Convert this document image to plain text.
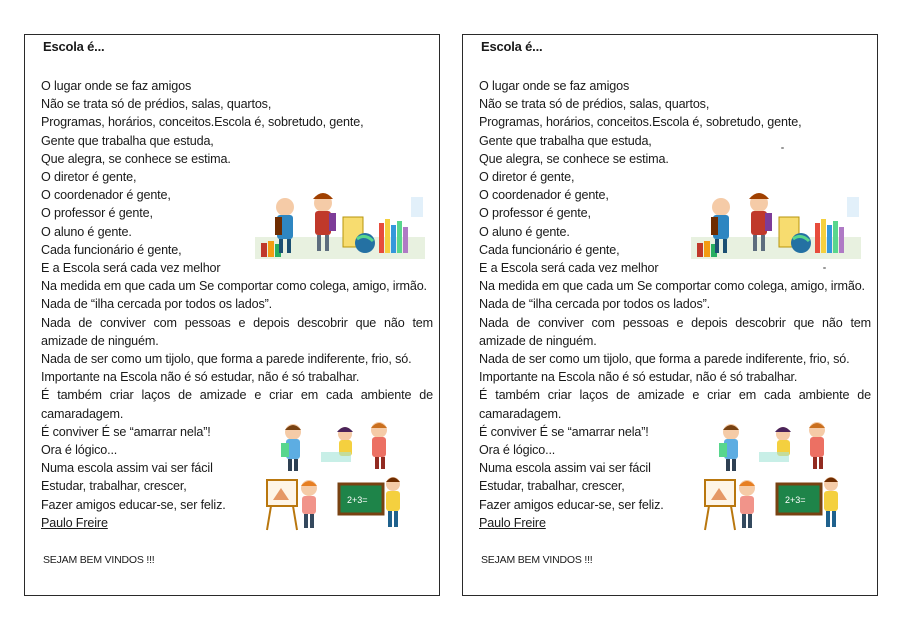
Escola é...
O lugar onde se faz amigos
Não se trata só de prédios, salas, quartos,
Programas, horários, conceitos.Escola é, sobretudo, gente,
Gente que trabalha que estuda,
Que alegra, se conhece se estima.
O diretor é gente,
O coordenador é gente,
O professor é gente,
O aluno é gente.
Cada funcionário é gente,
E a Escola será cada vez melhor
Na medida em que cada um Se comportar como colega, amigo, irmão.
Nada de “ilha cercada por todos os lados”.
Nada de conviver com pessoas e depois descobrir que não tem
amizade de ninguém.
Nada de ser como um tijolo, que forma a parede indiferente, frio, só.
Importante na Escola não é só estudar, não é só trabalhar.
É também criar laços de amizade e criar em cada ambiente de
camaradagem.
É conviver É se “amarrar nela”!
Ora é lógico...
Numa escola assim vai ser fácil
Estudar, trabalhar, crescer,
Fazer amigos educar-se, ser feliz.
Paulo Freire
SEJAM BEM VINDOS !!!
2+3=
Escola é...
O lugar onde se faz amigos
Não se trata só de prédios, salas, quartos,
Programas, horários, conceitos.Escola é, sobretudo, gente,
Gente que trabalha que estuda,
Que alegra, se conhece se estima.
O diretor é gente,
O coordenador é gente,
O professor é gente,
O aluno é gente.
Cada funcionário é gente,
E a Escola será cada vez melhor
Na medida em que cada um Se comportar como colega, amigo, irmão.
Nada de “ilha cercada por todos os lados”.
Nada de conviver com pessoas e depois descobrir que não tem
amizade de ninguém.
Nada de ser como um tijolo, que forma a parede indiferente, frio, só.
Importante na Escola não é só estudar, não é só trabalhar.
É também criar laços de amizade e criar em cada ambiente de
camaradagem.
É conviver É se “amarrar nela”!
Ora é lógico...
Numa escola assim vai ser fácil
Estudar, trabalhar, crescer,
Fazer amigos educar-se, ser feliz.
Paulo Freire
SEJAM BEM VINDOS !!!
2+3=
